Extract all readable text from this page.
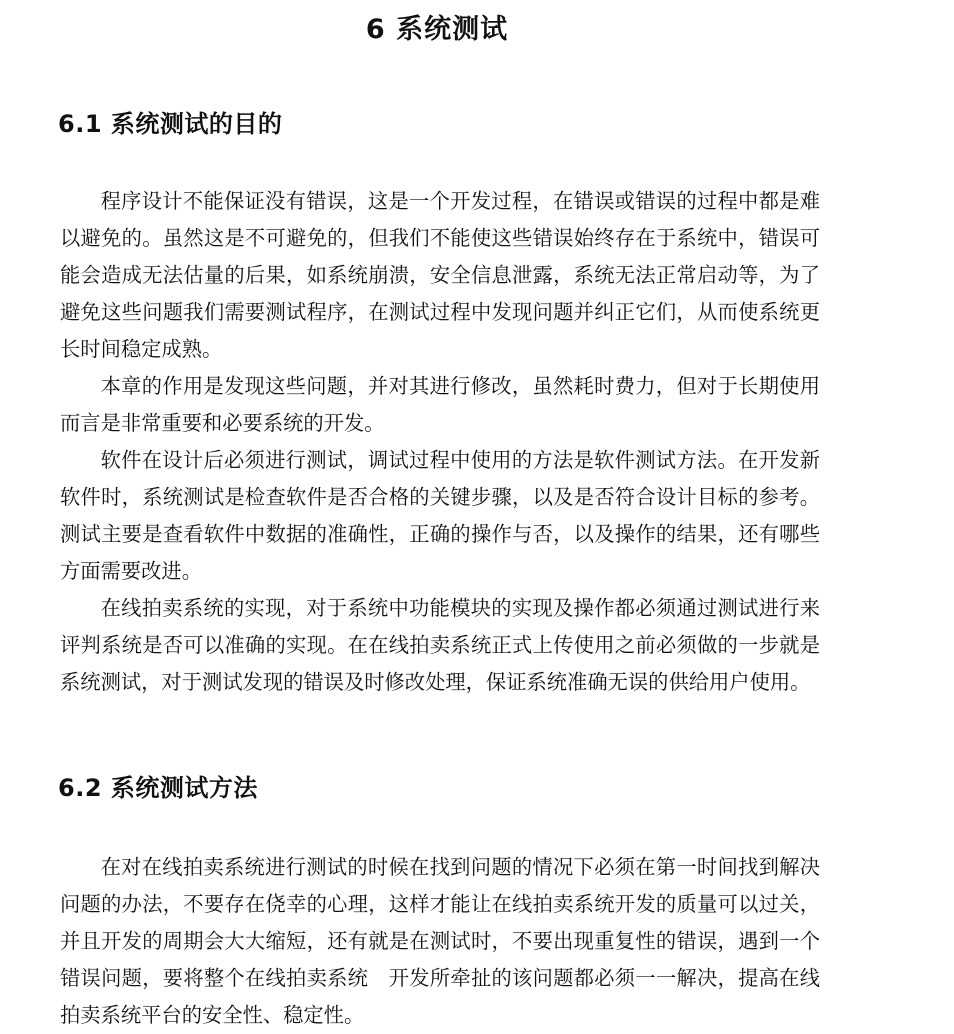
6 系统测试
6.1 系统测试的目的

程序设计不能保证没有错误，这是一个开发过程，在错误或错误的过程中都是难以避免的。虽然这是不可避免的，但我们不能使这些错误始终存在于系统中，错误可能会造成无法估量的后果，如系统崩溃，安全信息泄露，系统无法正常启动等，为了避免这些问题我们需要测试程序，在测试过程中发现问题并纠正它们，从而使系统更长时间稳定成熟。

本章的作用是发现这些问题，并对其进行修改，虽然耗时费力，但对于长期使用而言是非常重要和必要系统的开发。

软件在设计后必须进行测试，调试过程中使用的方法是软件测试方法。在开发新软件时，系统测试是检查软件是否合格的关键步骤，以及是否符合设计目标的参考。测试主要是查看软件中数据的准确性，正确的操作与否，以及操作的结果，还有哪些方面需要改进。

在线拍卖系统的实现，对于系统中功能模块的实现及操作都必须通过测试进行来评判系统是否可以准确的实现。在在线拍卖系统正式上传使用之前必须做的一步就是系统测试，对于测试发现的错误及时修改处理，保证系统准确无误的供给用户使用。

6.2 系统测试方法

在对在线拍卖系统进行测试的时候在找到问题的情况下必须在第一时间找到解决问题的办法，不要存在侥幸的心理，这样才能让在线拍卖系统开发的质量可以过关，并且开发的周期会大大缩短，还有就是在测试时，不要出现重复性的错误，遇到一个错误问题，要将整个在线拍卖系统　开发所牵扯的该问题都必须一一解决，提高在线拍卖系统平台的安全性、稳定性。
